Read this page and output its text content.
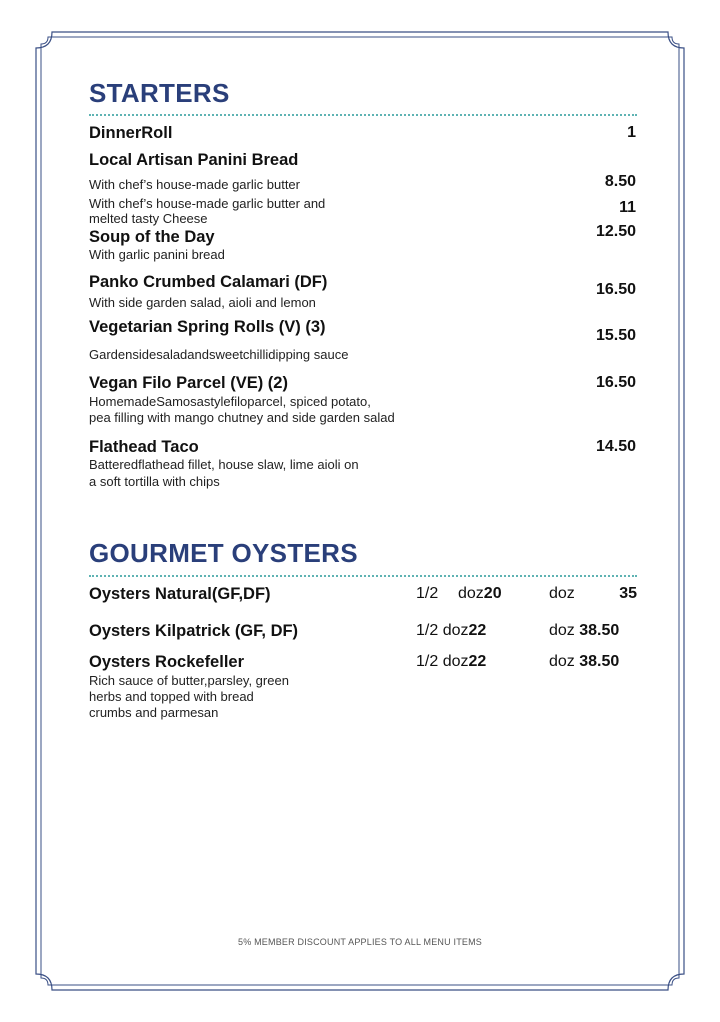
STARTERS
DinnerRoll	1
Local Artisan Panini Bread
With chef’s house-made garlic butter	8.50
With chef’s house-made garlic butter and
melted tasty Cheese
11
Soup of the Day	12.50
With garlic panini bread
Panko Crumbed Calamari (DF)	16.50
With side garden salad, aioli and lemon
Vegetarian Spring Rolls (V) (3)	15.50
Gardensidesaladandsweetchillidipping sauce
Vegan Filo Parcel (VE) (2)	16.50
HomemadeSamosastylefiloparcel, spiced potato,
pea filling with mango chutney and side garden salad
Flathead Taco	14.50
Batteredflathead fillet, house slaw, lime aioli on
a soft tortilla with chips
GOURMET OYSTERS
Oysters Natural(GF,DF)	1/2 doz20	doz	35
Oysters Kilpatrick (GF, DF)	1/2 doz22	doz 38.50
Oysters Rockefeller	1/2 doz22	doz 38.50
Rich sauce of butter,parsley, green
herbs and topped with bread
crumbs and parmesan
5% MEMBER DISCOUNT APPLIES TO ALL MENU ITEMS
